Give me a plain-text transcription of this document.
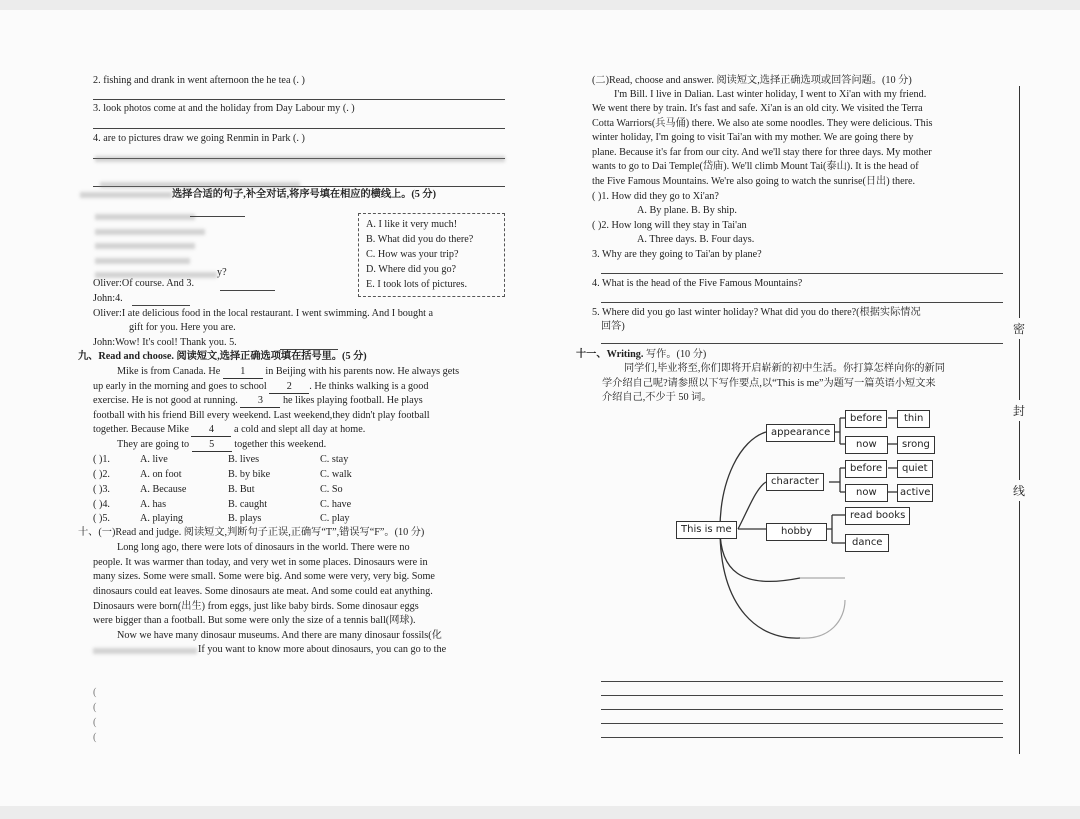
2. fishing and drank in went afternoon the he tea (. )
3. look photos come at and the holiday from Day Labour my (. )
4. are to pictures draw we going Renmin in Park (. )
选择合适的句子,补全对话,将序号填在相应的横线上。(5 分)
y?
A. I like it very much!
B. What did you do there?
C. How was your trip?
D. Where did you go?
E. I took lots of pictures.
Oliver:Of course. And 3.
John:4.
Oliver:I ate delicious food in the local restaurant. I went swimming. And I bought a
gift for you. Here you are.
John:Wow! It's cool! Thank you. 5.
九、Read and choose. 阅读短文,选择正确选项填在括号里。(5 分)
Mike is from Canada. He 1 in Beijing with his parents now. He always gets
up early in the morning and goes to school 2 . He thinks walking is a good
exercise. He is not good at running. 3 he likes playing football. He plays
football with his friend Bill every weekend. Last weekend,they didn't play football
together. Because Mike 4 a cold and slept all day at home.
They are going to 5 together this weekend.
( )1.	A. live	B. lives	C. stay
( )2.	A. on foot	B. by bike	C. walk
( )3.	A. Because	B. But	C. So
( )4.	A. has	B. caught	C. have
( )5.	A. playing	B. plays	C. play
十、(一)Read and judge. 阅读短文,判断句子正误,正确写“T”,错误写“F”。(10 分)
Long long ago, there were lots of dinosaurs in the world. There were no
people. It was warmer than today, and very wet in some places. Dinosaurs were in
many sizes. Some were small. Some were big. And some were very, very big. Some
dinosaurs could eat leaves. Some dinosaurs ate meat. And some could eat anything.
Dinosaurs were born(出生) from eggs, just like baby birds. Some dinosaur eggs
were bigger than a football. But some were only the size of a tennis ball(网球).
Now we have many dinosaur museums. And there are many dinosaur fossils(化
If you want to know more about dinosaurs, you can go to the
(
(
(
(
(二)Read, choose and answer. 阅读短文,选择正确选项或回答问题。(10 分)
I'm Bill. I live in Dalian. Last winter holiday, I went to Xi'an with my friend.
We went there by train. It's fast and safe. Xi'an is an old city. We visited the Terra
Cotta Warriors(兵马俑) there. We also ate some noodles. They were delicious. This
winter holiday, I'm going to visit Tai'an with my mother. We are going there by
plane. Because it's far from our city. And we'll stay there for three days. My mother
wants to go to Dai Temple(岱庙). We'll climb Mount Tai(泰山). It is the head of
the Five Famous Mountains. We're also going to watch the sunrise(日出) there.
( )1. How did they go to Xi'an?
A. By plane. B. By ship.
( )2. How long will they stay in Tai'an
A. Three days. B. Four days.
3. Why are they going to Tai'an by plane?
4. What is the head of the Five Famous Mountains?
5. Where did you go last winter holiday? What did you do there?(根据实际情况
回答)
十一、Writing. 写作。(10 分)
同学们,毕业将至,你们即将开启崭新的初中生活。你打算怎样向你的新同
学介绍自己呢?请参照以下写作要点,以“This is me”为题写一篇英语小短文来
介绍自己,不少于 50 词。
This is me
appearance
character
hobby
before	thin
now	srong
before	quiet
now	active
read books
dance
密
封
线
